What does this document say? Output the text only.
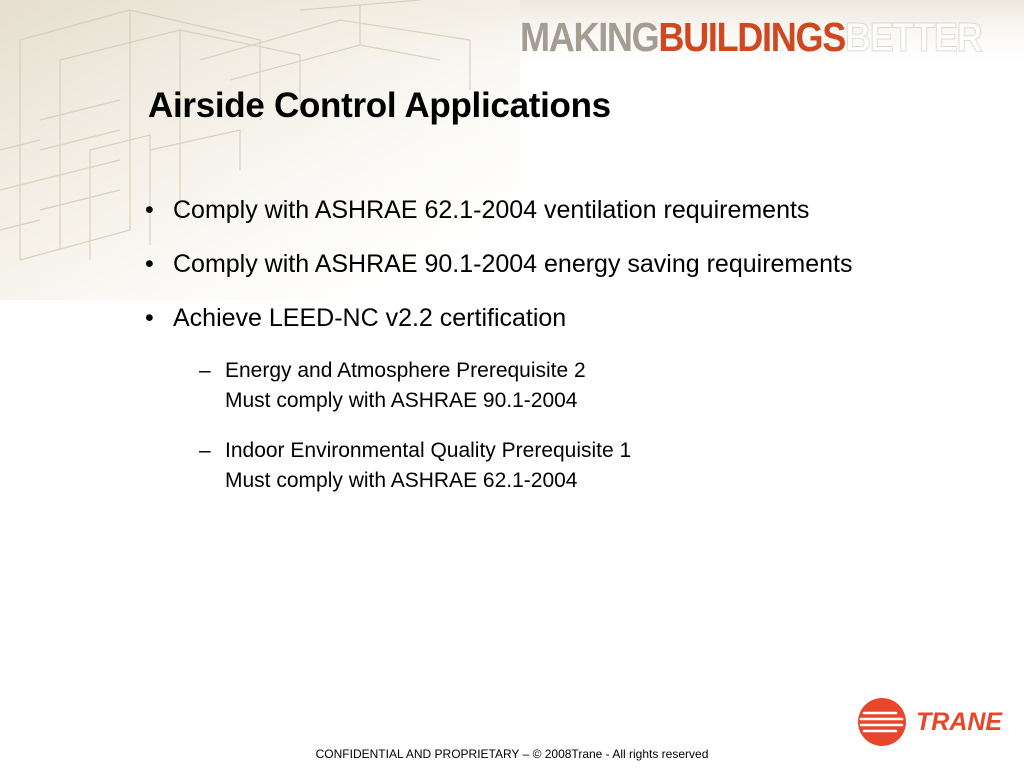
MAKING BUILDINGS BETTER
Airside Control Applications
• Comply with ASHRAE 62.1-2004 ventilation requirements
• Comply with ASHRAE 90.1-2004 energy saving requirements
• Achieve LEED-NC v2.2 certification
– Energy and Atmosphere Prerequisite 2
Must comply with ASHRAE 90.1-2004
– Indoor Environmental Quality Prerequisite 1
Must comply with ASHRAE 62.1-2004
TRANE
CONFIDENTIAL AND PROPRIETARY – © 2008Trane - All rights reserved
